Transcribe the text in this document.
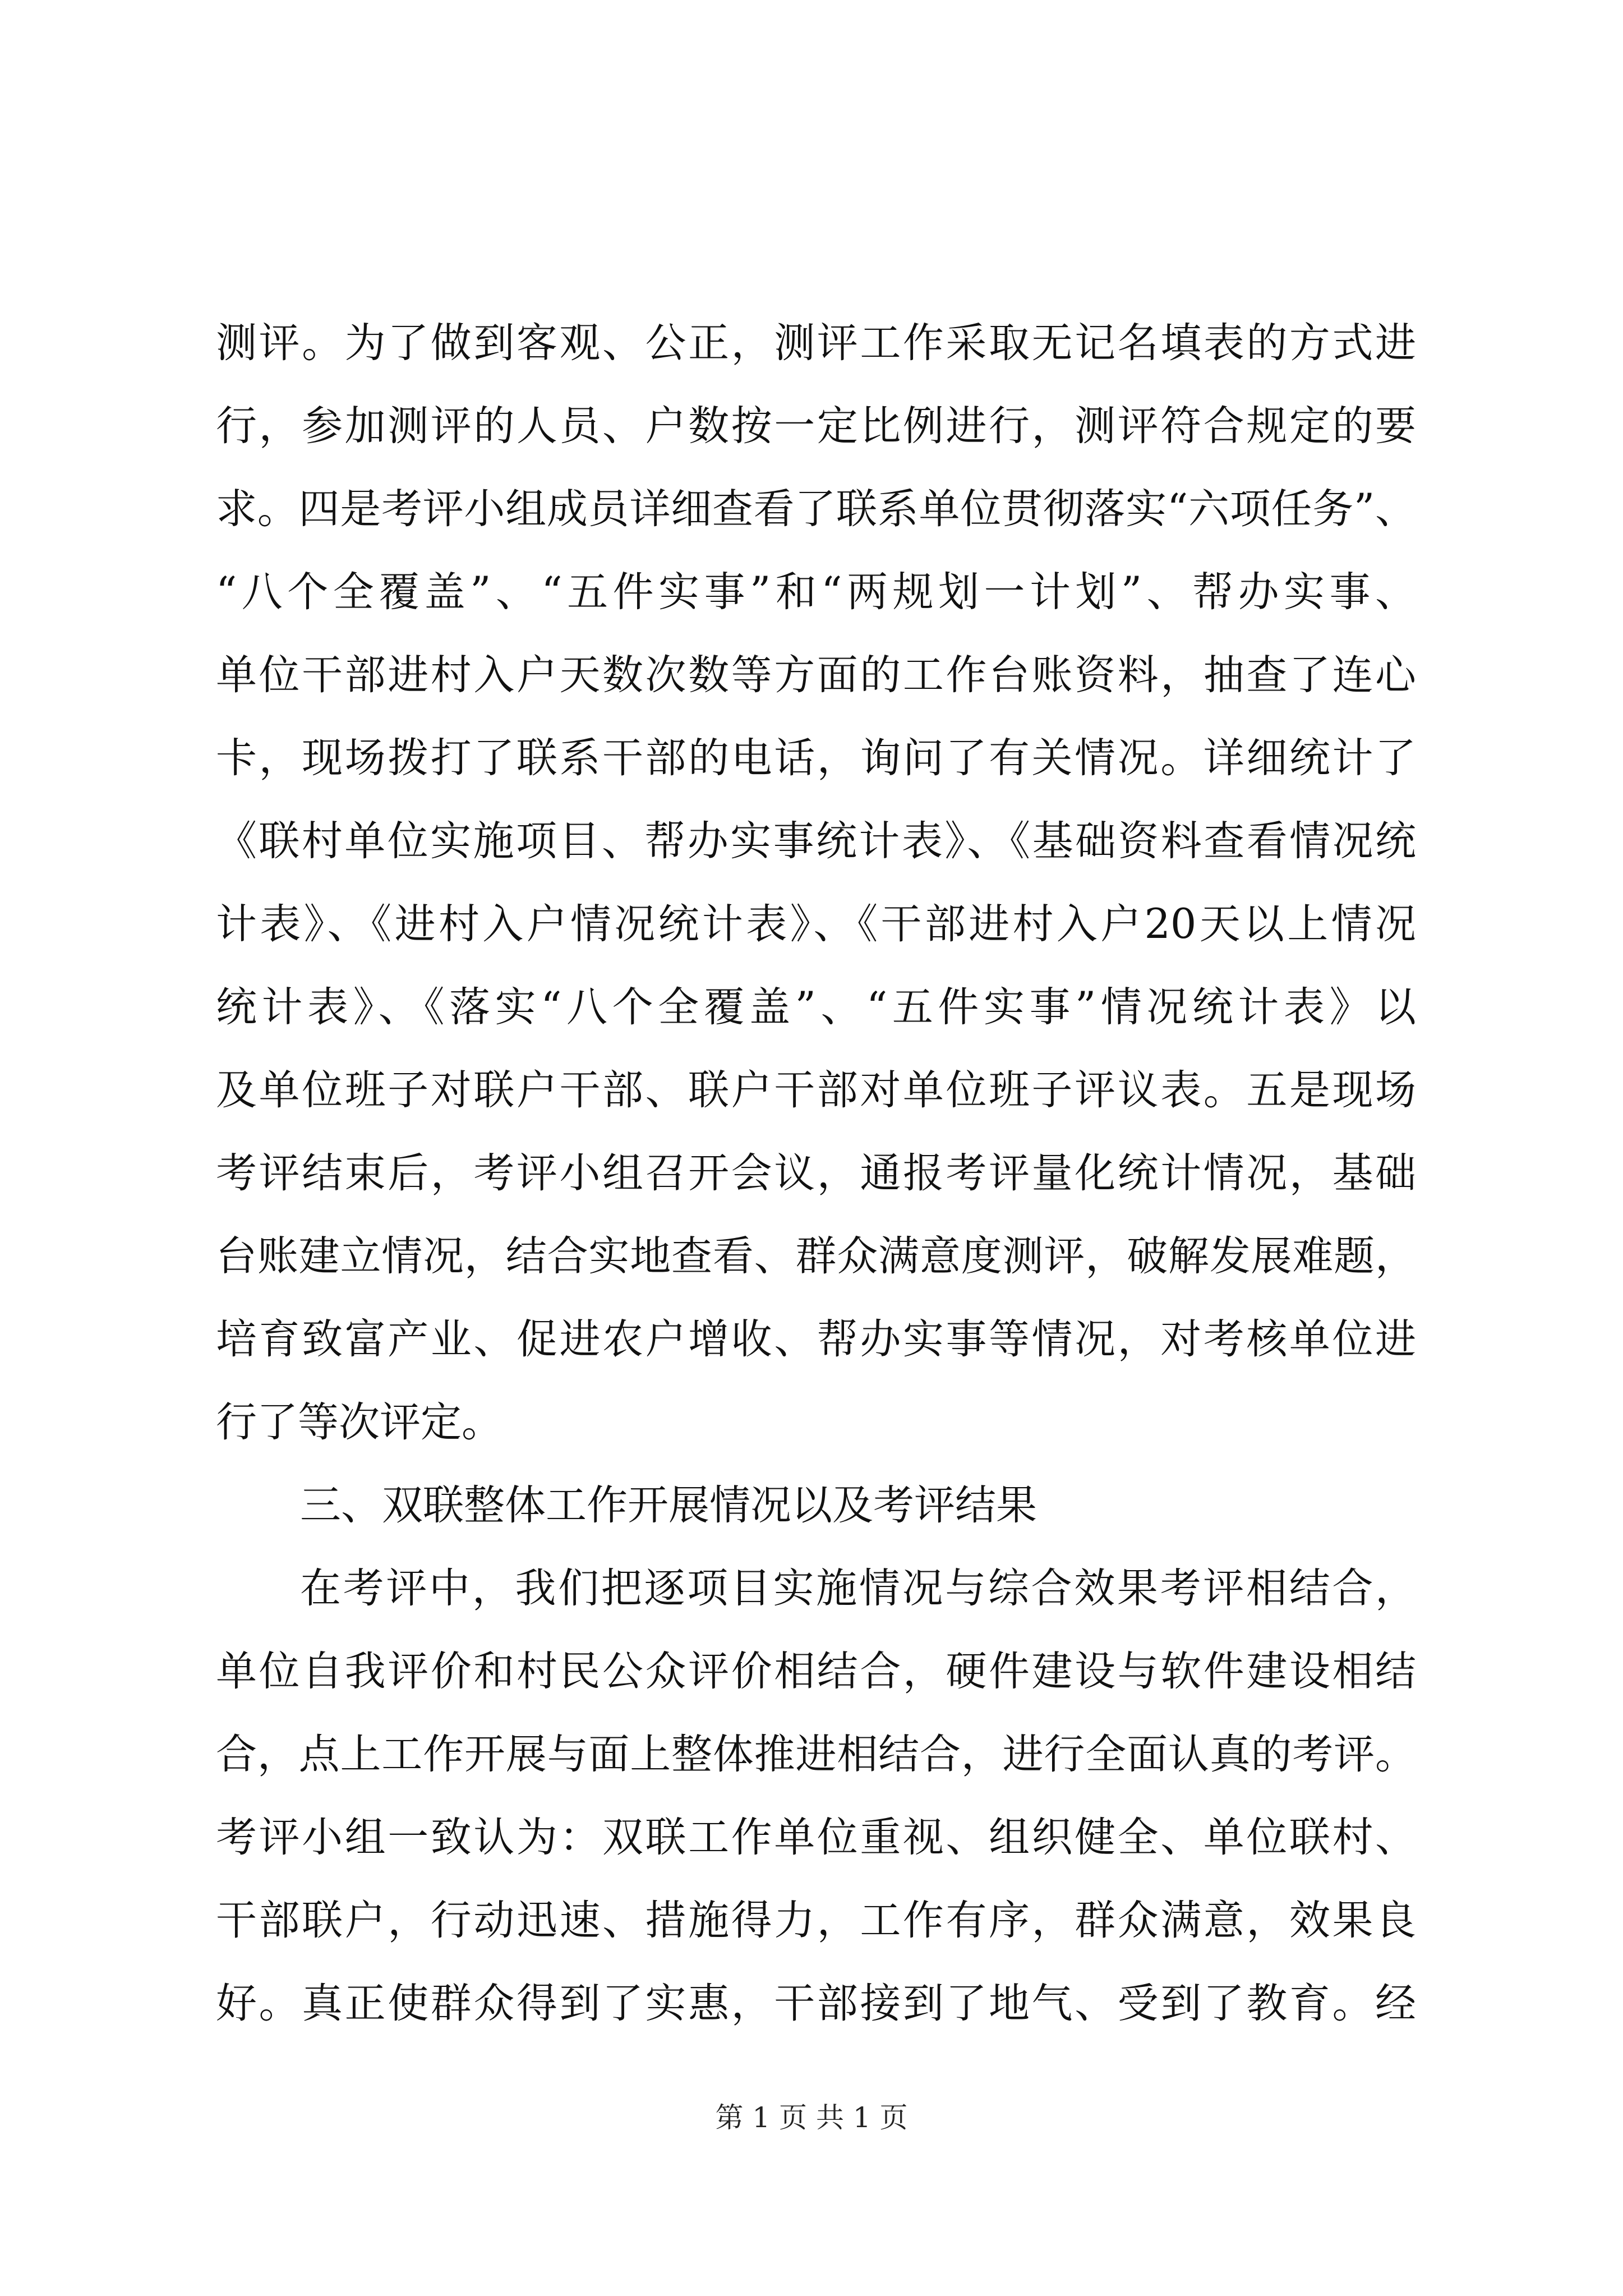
测评。为了做到客观、公正，测评工作采取无记名填表的方式进
行，参加测评的人员、户数按一定比例进行，测评符合规定的要
求。四是考评小组成员详细查看了联系单位贯彻落实“六项任务”、
“八个全覆盖”、“五件实事”和“两规划一计划”、帮办实事、
单位干部进村入户天数次数等方面的工作台账资料，抽查了连心
卡，现场拨打了联系干部的电话，询问了有关情况。详细统计了
《联村单位实施项目、帮办实事统计表》、《基础资料查看情况统
计表》、《进村入户情况统计表》、《干部进村入户20天以上情况
统计表》、《落实“八个全覆盖”、“五件实事”情况统计表》以
及单位班子对联户干部、联户干部对单位班子评议表。五是现场
考评结束后，考评小组召开会议，通报考评量化统计情况，基础
台账建立情况，结合实地查看、群众满意度测评，破解发展难题，
培育致富产业、促进农户增收、帮办实事等情况，对考核单位进
行了等次评定。
三、双联整体工作开展情况以及考评结果
在考评中，我们把逐项目实施情况与综合效果考评相结合，
单位自我评价和村民公众评价相结合，硬件建设与软件建设相结
合，点上工作开展与面上整体推进相结合，进行全面认真的考评。
考评小组一致认为：双联工作单位重视、组织健全、单位联村、
干部联户，行动迅速、措施得力，工作有序，群众满意，效果良
好。真正使群众得到了实惠，干部接到了地气、受到了教育。经
第 1 页 共 1 页
